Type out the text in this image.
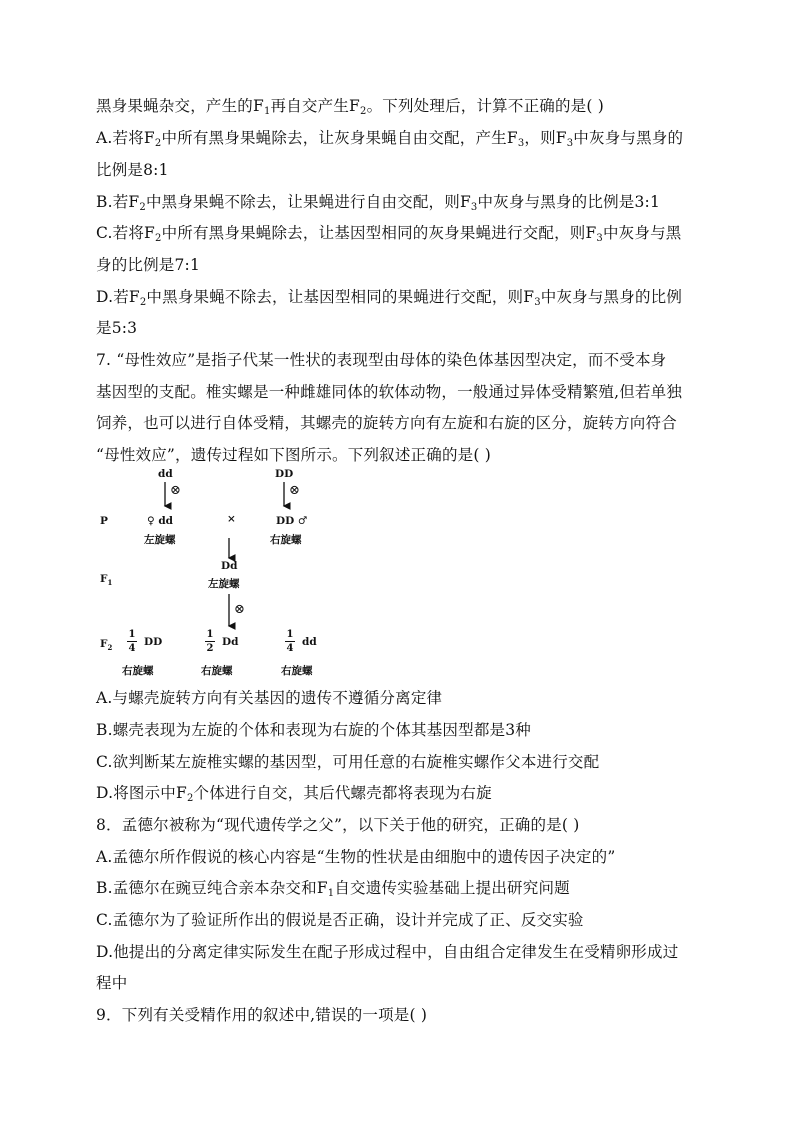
黑身果蝇杂交，产生的$F_1$再自交产生$F_2$。下列处理后，计算不正确的是( )
A.若将$F_2$中所有黑身果蝇除去，让灰身果蝇自由交配，产生$F_3$，则$F_3$中灰身与黑身的
比例是8:1
B.若$F_2$中黑身果蝇不除去，让果蝇进行自由交配，则$F_3$中灰身与黑身的比例是3:1
C.若将$F_2$中所有黑身果蝇除去，让基因型相同的灰身果蝇进行交配，则$F_3$中灰身与黑
身的比例是7:1
D.若$F_2$中黑身果蝇不除去，让基因型相同的果蝇进行交配，则$F_3$中灰身与黑身的比例
是5:3
7. “母性效应”是指子代某一性状的表现型由母体的染色体基因型决定，而不受本身
基因型的支配。椎实螺是一种雌雄同体的软体动物，一般通过异体受精繁殖,但若单独
饲养，也可以进行自体受精，其螺壳的旋转方向有左旋和右旋的区分，旋转方向符合
“母性效应”，遗传过程如下图所示。下列叙述正确的是( )
dd	DD
⊗	⊗
P	♀ dd	×	DD ♂
左旋螺	右旋螺
$F_1$
Dd
左旋螺
⊗
$F_2$
1
4
DD
1
2
Dd
1
4
dd
右旋螺	右旋螺	右旋螺
A.与螺壳旋转方向有关基因的遗传不遵循分离定律
B.螺壳表现为左旋的个体和表现为右旋的个体其基因型都是3种
C.欲判断某左旋椎实螺的基因型，可用任意的右旋椎实螺作父本进行交配
D.将图示中$F_2$个体进行自交，其后代螺壳都将表现为右旋
8．孟德尔被称为“现代遗传学之父”，以下关于他的研究，正确的是( )
A.孟德尔所作假说的核心内容是“生物的性状是由细胞中的遗传因子决定的”
B.孟德尔在豌豆纯合亲本杂交和$F_1$自交遗传实验基础上提出研究问题
C.孟德尔为了验证所作出的假说是否正确，设计并完成了正、反交实验
D.他提出的分离定律实际发生在配子形成过程中，自由组合定律发生在受精卵形成过
程中
9．下列有关受精作用的叙述中,错误的一项是( )
